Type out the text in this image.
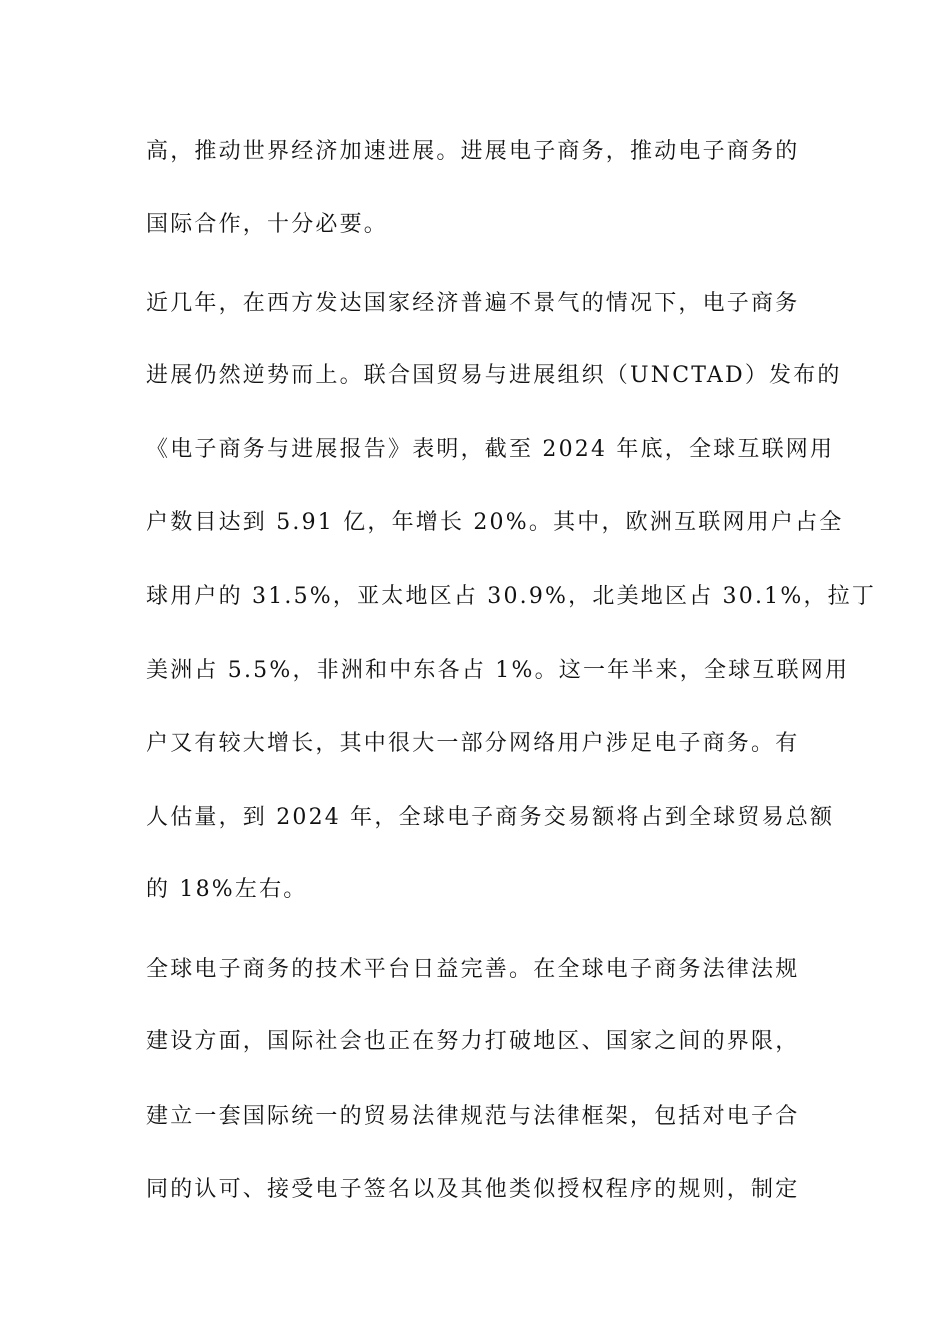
高，推动世界经济加速进展。进展电子商务，推动电子商务的
国际合作，十分必要。
近几年，在西方发达国家经济普遍不景气的情况下，电子商务
进展仍然逆势而上。联合国贸易与进展组织（UNCTAD）发布的
《电子商务与进展报告》表明，截至 2024 年底，全球互联网用
户数目达到 5.91 亿，年增长 20%。其中，欧洲互联网用户占全
球用户的 31.5%，亚太地区占 30.9%，北美地区占 30.1%，拉丁
美洲占 5.5%，非洲和中东各占 1%。这一年半来，全球互联网用
户又有较大增长，其中很大一部分网络用户涉足电子商务。有
人估量，到 2024 年，全球电子商务交易额将占到全球贸易总额
的 18%左右。
全球电子商务的技术平台日益完善。在全球电子商务法律法规
建设方面，国际社会也正在努力打破地区、国家之间的界限，
建立一套国际统一的贸易法律规范与法律框架，包括对电子合
同的认可、接受电子签名以及其他类似授权程序的规则，制定
